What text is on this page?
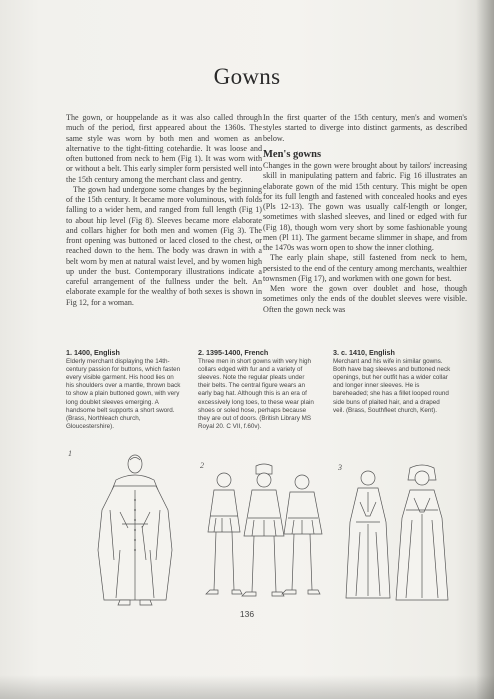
Gowns

The gown, or houppelande as it was also called through much of the period, first appeared about the 1360s. The same style was worn by both men and women as an alternative to the tight-fitting cotehardie. It was loose and often buttoned from neck to hem (Fig 1). It was worn with or without a belt. This early simpler form persisted well into the 15th century among the merchant class and gentry.

The gown had undergone some changes by the beginning of the 15th century. It became more voluminous, with folds falling to a wider hem, and ranged from full length (Fig 1) to about hip level (Fig 8). Sleeves became more elaborate and collars higher for both men and women (Fig 3). The front opening was buttoned or laced closed to the chest, or reached down to the hem. The body was drawn in with a belt worn by men at natural waist level, and by women high up under the bust. Contemporary illustrations indicate a careful arrangement of the fullness under the belt. An elaborate example for the wealthy of both sexes is shown in Fig 12, for a woman.

In the first quarter of the 15th century, men's and women's styles started to diverge into distinct garments, as described below.

Men's gowns

Changes in the gown were brought about by tailors' increasing skill in manipulating pattern and fabric. Fig 16 illustrates an elaborate gown of the mid 15th century. This might be open for its full length and fastened with concealed hooks and eyes (Pls 12-13). The gown was usually calf-length or longer, sometimes with slashed sleeves, and lined or edged with fur (Fig 18), though worn very short by some fashionable young men (Pl 11). The garment became slimmer in shape, and from the 1470s was worn open to show the inner clothing.

The early plain shape, still fastened from neck to hem, persisted to the end of the century among merchants, wealthier townsmen (Fig 17), and workmen with one gown for best.

Men wore the gown over doublet and hose, though sometimes only the ends of the doublet sleeves were visible. Often the gown neck was

1. 1400, English

Elderly merchant displaying the 14th-century passion for buttons, which fasten every visible garment. His hood lies on his shoulders over a mantle, thrown back to show a plain buttoned gown, with very long doublet sleeves emerging. A handsome belt supports a short sword. (Brass, Northleach church, Gloucestershire).

2. 1395-1400, French

Three men in short gowns with very high collars edged with fur and a variety of sleeves. Note the regular pleats under their belts. The central figure wears an early bag hat. Although this is an era of excessively long toes, to these wear plain shoes or soled hose, perhaps because they are out of doors. (British Library MS Royal 20. C VII, f.60v).

3. c. 1410, English

Merchant and his wife in similar gowns. Both have bag sleeves and buttoned neck openings, but her outfit has a wider collar and longer inner sleeves. He is bareheaded; she has a fillet looped round side buns of plaited hair, and a draped veil. (Brass, Southfleet church, Kent).

1
2	3
136
